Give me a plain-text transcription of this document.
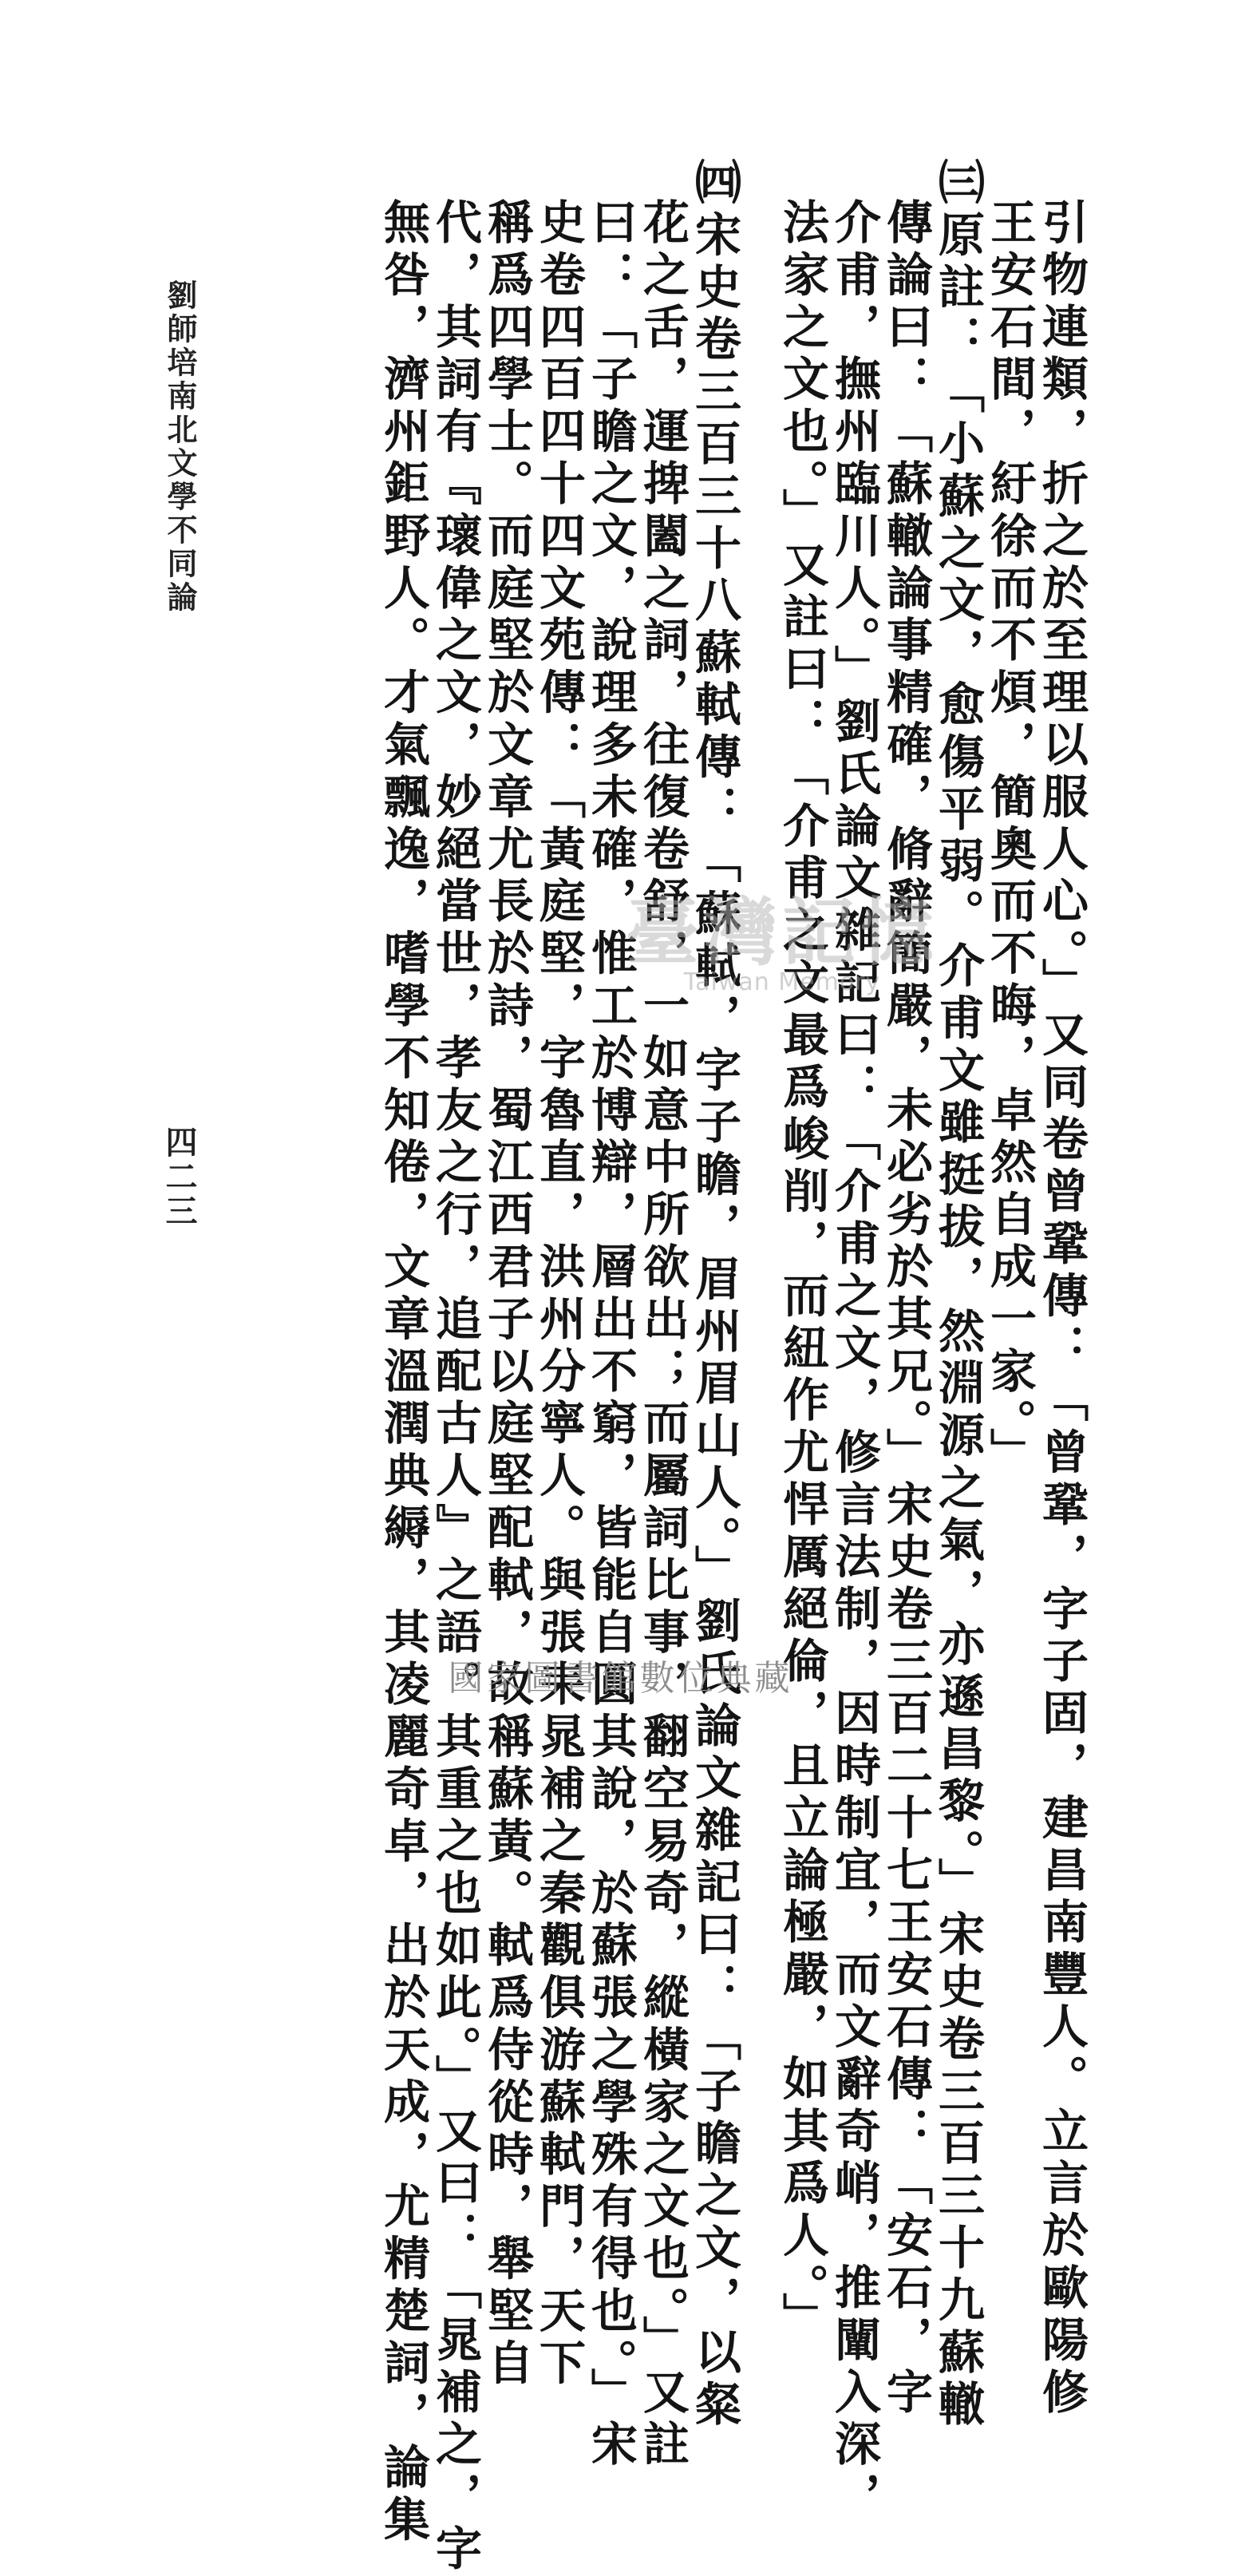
引物連類，折之於至理以服人心。」又同卷曾鞏傳：「曾鞏，字子固，建昌南豐人。立言於歐陽修
王安石間，紆徐而不煩，簡奧而不晦，卓然自成一家。」
㈢原註：「小蘇之文，愈傷平弱。介甫文雖挺拔，然淵源之氣，亦遜昌黎。」宋史卷三百三十九蘇轍
傳論曰：「蘇轍論事精確，脩辭簡嚴，未必劣於其兄。」宋史卷三百二十七王安石傳：「安石，字
介甫，撫州臨川人。」劉氏論文雜記曰：「介甫之文，修言法制，因時制宜，而文辭奇峭，推闡入深，
法家之文也。」又註曰：「介甫之文最爲峻削，而紐作尤悍厲絕倫，且立論極嚴，如其爲人。」
㈣宋史卷三百三十八蘇軾傳：「蘇軾，字子瞻，眉州眉山人。」劉氏論文雜記曰：「子瞻之文，以粲
花之舌，運捭闔之詞，往復卷舒，一如意中所欲出；而屬詞比事，翻空易奇，縱橫家之文也。」又註
曰：「子瞻之文，說理多未確，惟工於博辯，層出不窮，皆能自圓其說，於蘇張之學殊有得也。」宋
史卷四百四十四文苑傳：「黃庭堅，字魯直，洪州分寧人。與張耒晁補之秦觀俱游蘇軾門，天下
稱爲四學士。而庭堅於文章尤長於詩，蜀江西君子以庭堅配軾，故稱蘇黃。軾爲侍從時，舉堅自
代，其詞有『瓌偉之文，妙絕當世，孝友之行，追配古人』之語。其重之也如此。」又曰：「晁補之，字
無咎，濟州鉅野人。才氣飄逸，嗜學不知倦，文章溫潤典縟，其凌麗奇卓，出於天成，尤精楚詞，論集
劉師培南北文學不同論
四二三
臺灣記憶
Taiwan Memory
國家圖書館數位典藏
